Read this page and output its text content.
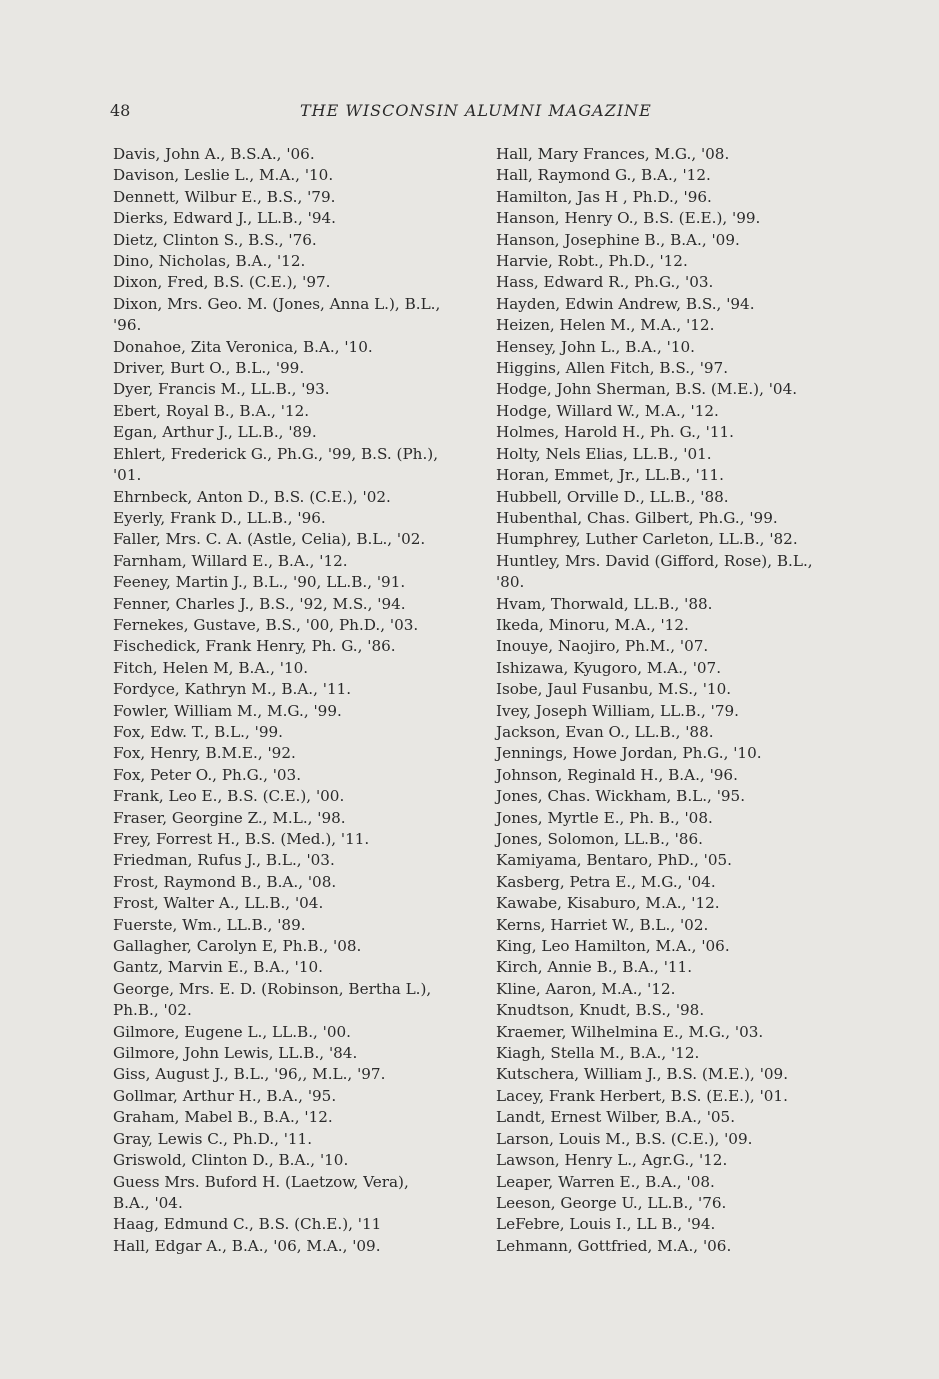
48	THE WISCONSIN ALUMNI MAGAZINE
Davis, John A., B.S.A., '06.
Davison, Leslie L., M.A., '10.
Dennett, Wilbur E., B.S., '79.
Dierks, Edward J., LL.B., '94.
Dietz, Clinton S., B.S., '76.
Dino, Nicholas, B.A., '12.
Dixon, Fred, B.S. (C.E.), '97.
Dixon, Mrs. Geo. M. (Jones, Anna L.), B.L.,
'96.
Donahoe, Zita Veronica, B.A., '10.
Driver, Burt O., B.L., '99.
Dyer, Francis M., LL.B., '93.
Ebert, Royal B., B.A., '12.
Egan, Arthur J., LL.B., '89.
Ehlert, Frederick G., Ph.G., '99, B.S. (Ph.),
'01.
Ehrnbeck, Anton D., B.S. (C.E.), '02.
Eyerly, Frank D., LL.B., '96.
Faller, Mrs. C. A. (Astle, Celia), B.L., '02.
Farnham, Willard E., B.A., '12.
Feeney, Martin J., B.L., '90, LL.B., '91.
Fenner, Charles J., B.S., '92, M.S., '94.
Fernekes, Gustave, B.S., '00, Ph.D., '03.
Fischedick, Frank Henry, Ph. G., '86.
Fitch, Helen M, B.A., '10.
Fordyce, Kathryn M., B.A., '11.
Fowler, William M., M.G., '99.
Fox, Edw. T., B.L., '99.
Fox, Henry, B.M.E., '92.
Fox, Peter O., Ph.G., '03.
Frank, Leo E., B.S. (C.E.), '00.
Fraser, Georgine Z., M.L., '98.
Frey, Forrest H., B.S. (Med.), '11.
Friedman, Rufus J., B.L., '03.
Frost, Raymond B., B.A., '08.
Frost, Walter A., LL.B., '04.
Fuerste, Wm., LL.B., '89.
Gallagher, Carolyn E, Ph.B., '08.
Gantz, Marvin E., B.A., '10.
George, Mrs. E. D. (Robinson, Bertha L.),
Ph.B., '02.
Gilmore, Eugene L., LL.B., '00.
Gilmore, John Lewis, LL.B., '84.
Giss, August J., B.L., '96,, M.L., '97.
Gollmar, Arthur H., B.A., '95.
Graham, Mabel B., B.A., '12.
Gray, Lewis C., Ph.D., '11.
Griswold, Clinton D., B.A., '10.
Guess Mrs. Buford H. (Laetzow, Vera),
B.A., '04.
Haag, Edmund C., B.S. (Ch.E.), '11
Hall, Edgar A., B.A., '06, M.A., '09.
Hall, Mary Frances, M.G., '08.
Hall, Raymond G., B.A., '12.
Hamilton, Jas H , Ph.D., '96.
Hanson, Henry O., B.S. (E.E.), '99.
Hanson, Josephine B., B.A., '09.
Harvie, Robt., Ph.D., '12.
Hass, Edward R., Ph.G., '03.
Hayden, Edwin Andrew, B.S., '94.
Heizen, Helen M., M.A., '12.
Hensey, John L., B.A., '10.
Higgins, Allen Fitch, B.S., '97.
Hodge, John Sherman, B.S. (M.E.), '04.
Hodge, Willard W., M.A., '12.
Holmes, Harold H., Ph. G., '11.
Holty, Nels Elias, LL.B., '01.
Horan, Emmet, Jr., LL.B., '11.
Hubbell, Orville D., LL.B., '88.
Hubenthal, Chas. Gilbert, Ph.G., '99.
Humphrey, Luther Carleton, LL.B., '82.
Huntley, Mrs. David (Gifford, Rose), B.L.,
'80.
Hvam, Thorwald, LL.B., '88.
Ikeda, Minoru, M.A., '12.
Inouye, Naojiro, Ph.M., '07.
Ishizawa, Kyugoro, M.A., '07.
Isobe, Jaul Fusanbu, M.S., '10.
Ivey, Joseph William, LL.B., '79.
Jackson, Evan O., LL.B., '88.
Jennings, Howe Jordan, Ph.G., '10.
Johnson, Reginald H., B.A., '96.
Jones, Chas. Wickham, B.L., '95.
Jones, Myrtle E., Ph. B., '08.
Jones, Solomon, LL.B., '86.
Kamiyama, Bentaro, PhD., '05.
Kasberg, Petra E., M.G., '04.
Kawabe, Kisaburo, M.A., '12.
Kerns, Harriet W., B.L., '02.
King, Leo Hamilton, M.A., '06.
Kirch, Annie B., B.A., '11.
Kline, Aaron, M.A., '12.
Knudtson, Knudt, B.S., '98.
Kraemer, Wilhelmina E., M.G., '03.
Kiagh, Stella M., B.A., '12.
Kutschera, William J., B.S. (M.E.), '09.
Lacey, Frank Herbert, B.S. (E.E.), '01.
Landt, Ernest Wilber, B.A., '05.
Larson, Louis M., B.S. (C.E.), '09.
Lawson, Henry L., Agr.G., '12.
Leaper, Warren E., B.A., '08.
Leeson, George U., LL.B., '76.
LeFebre, Louis I., LL B., '94.
Lehmann, Gottfried, M.A., '06.
